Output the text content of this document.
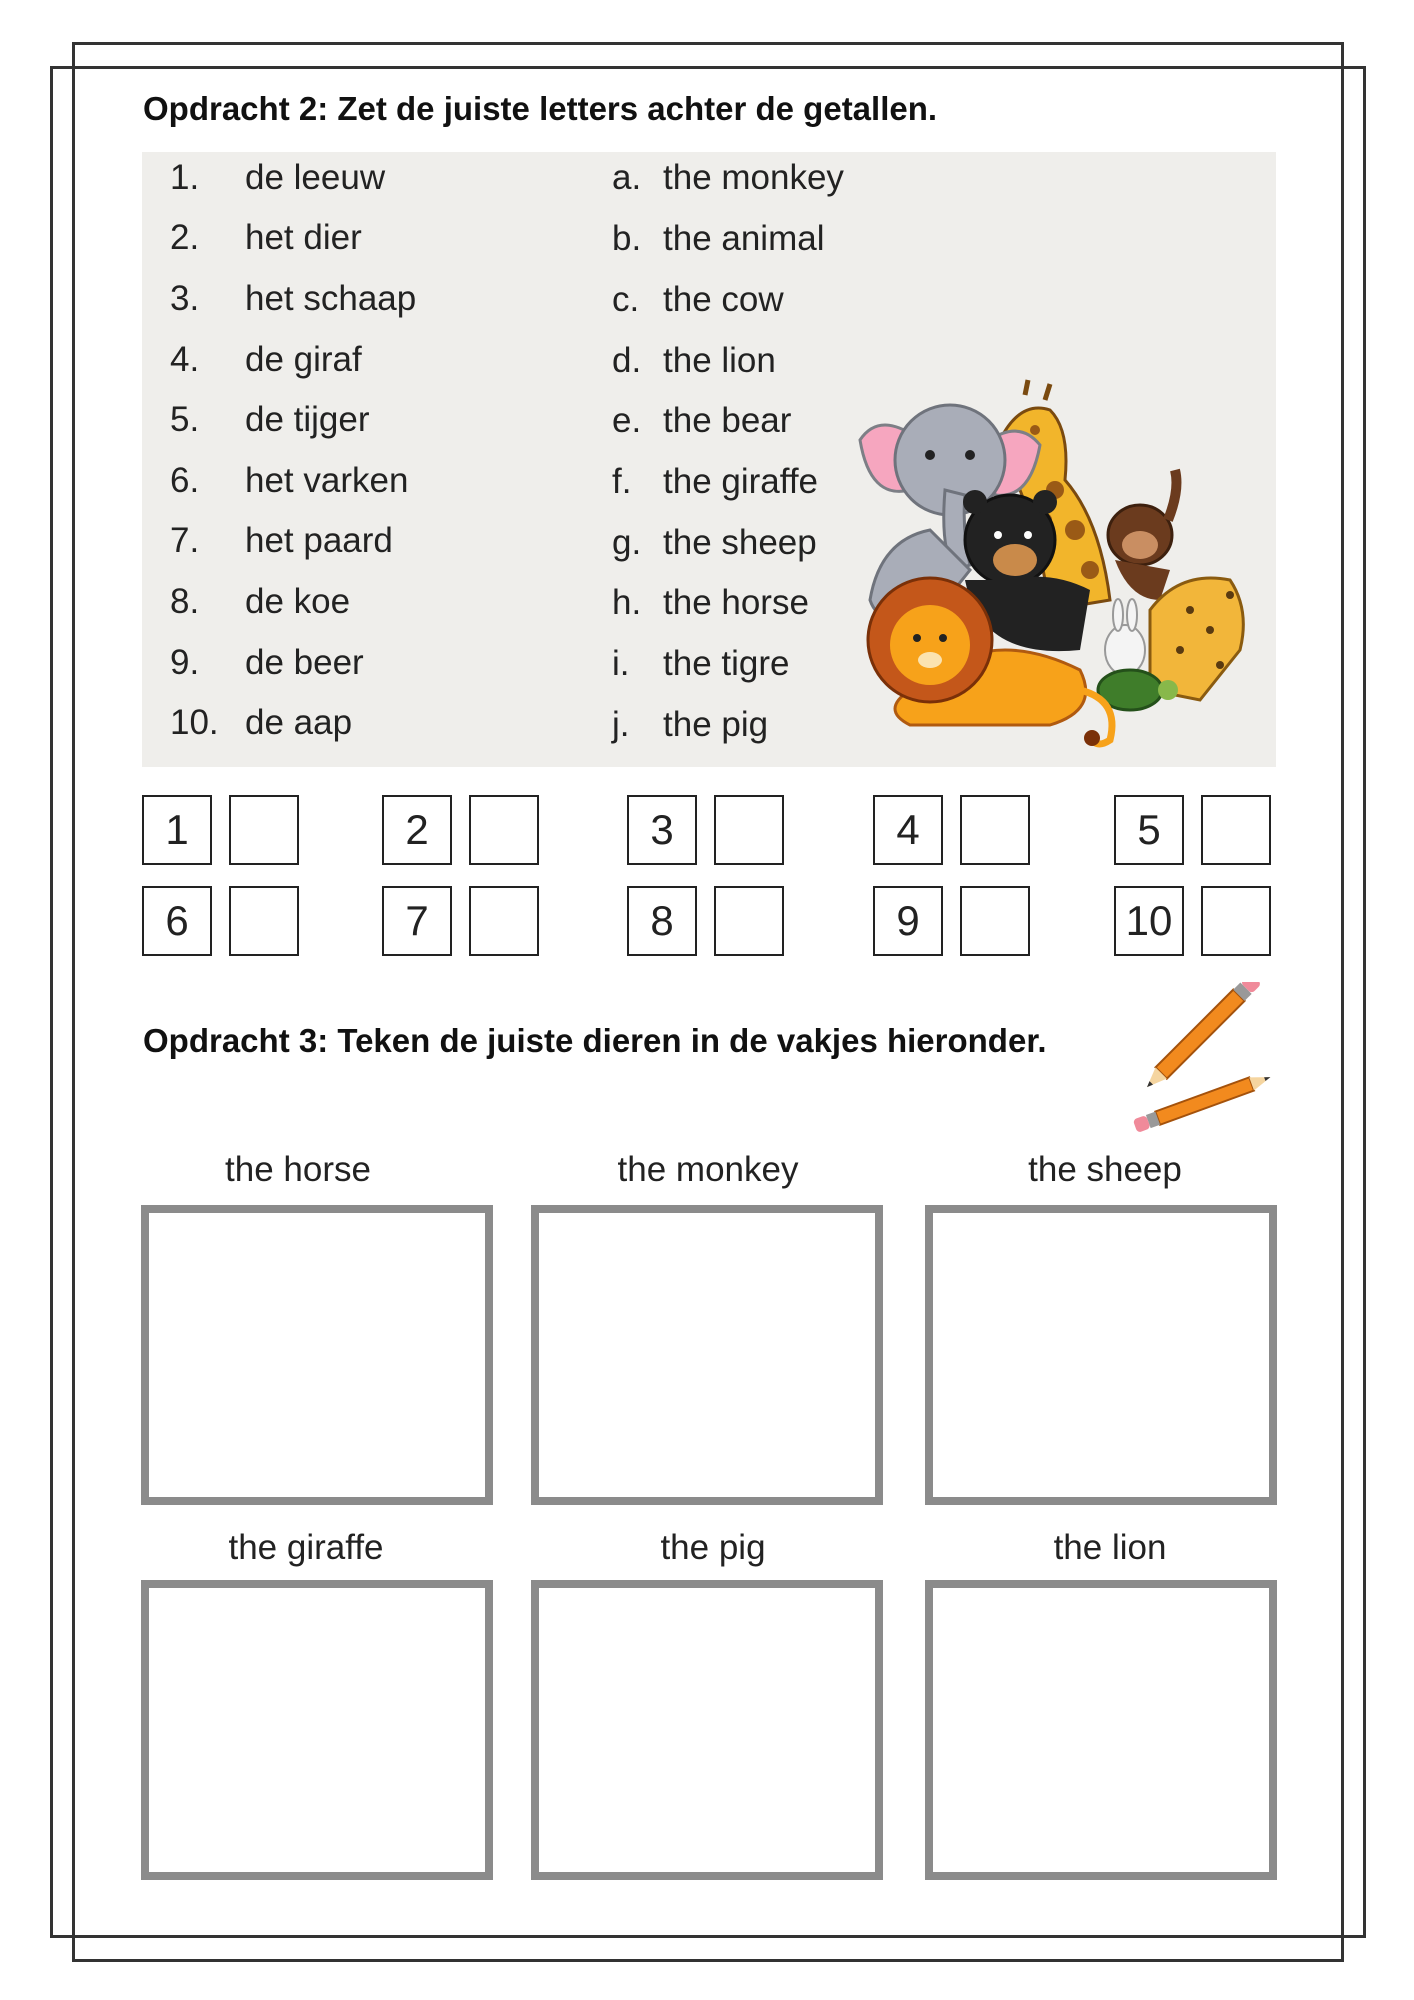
Opdracht 2: Zet de juiste letters achter de getallen.
1. de leeuw
2. het dier
3. het schaap
4. de giraf
5. de tijger
6. het varken
7. het paard
8. de koe
9. de beer
10. de aap
a. the monkey
b. the animal
c. the cow
d. the lion
e. the bear
f. the giraffe
g. the sheep
h. the horse
i. the tigre
j. the pig
1	2	3	4	5
6	7	8	9	10
Opdracht 3: Teken de juiste dieren in de vakjes hieronder.
the horse	the monkey	the sheep
the giraffe	the pig	the lion
